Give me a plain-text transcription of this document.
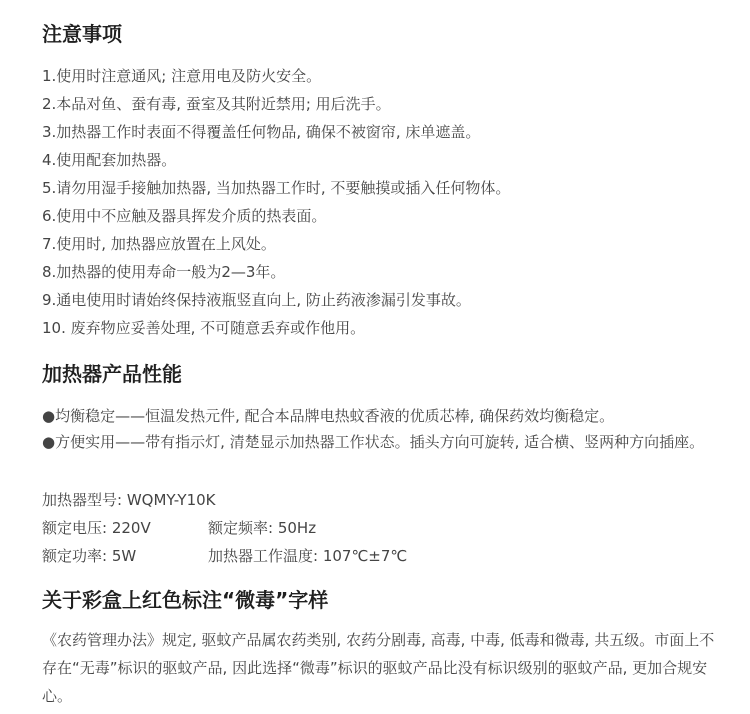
注意事项
1.使用时注意通风; 注意用电及防火安全。
2.本品对鱼、蚕有毒, 蚕室及其附近禁用; 用后洗手。
3.加热器工作时表面不得覆盖任何物品, 确保不被窗帘, 床单遮盖。
4.使用配套加热器。
5.请勿用湿手接触加热器, 当加热器工作时, 不要触摸或插入任何物体。
6.使用中不应触及器具挥发介质的热表面。
7.使用时, 加热器应放置在上风处。
8.加热器的使用寿命一般为2—3年。
9.通电使用时请始终保持液瓶竖直向上, 防止药液渗漏引发事故。
10. 废弃物应妥善处理, 不可随意丢弃或作他用。
加热器产品性能
●均衡稳定——恒温发热元件, 配合本品牌电热蚊香液的优质芯棒, 确保药效均衡稳定。
●方便实用——带有指示灯, 清楚显示加热器工作状态。插头方向可旋转, 适合横、竖两种方向插座。
加热器型号: WQMY-Y10K
额定电压: 220V	额定频率: 50Hz
额定功率: 5W	加热器工作温度: 107℃±7℃
关于彩盒上红色标注“微毒”字样
《农药管理办法》规定, 驱蚊产品属农药类别, 农药分剧毒, 高毒, 中毒, 低毒和微毒, 共五级。市面上不存在“无毒”标识的驱蚊产品, 因此选择“微毒”标识的驱蚊产品比没有标识级别的驱蚊产品, 更加合规安心。
